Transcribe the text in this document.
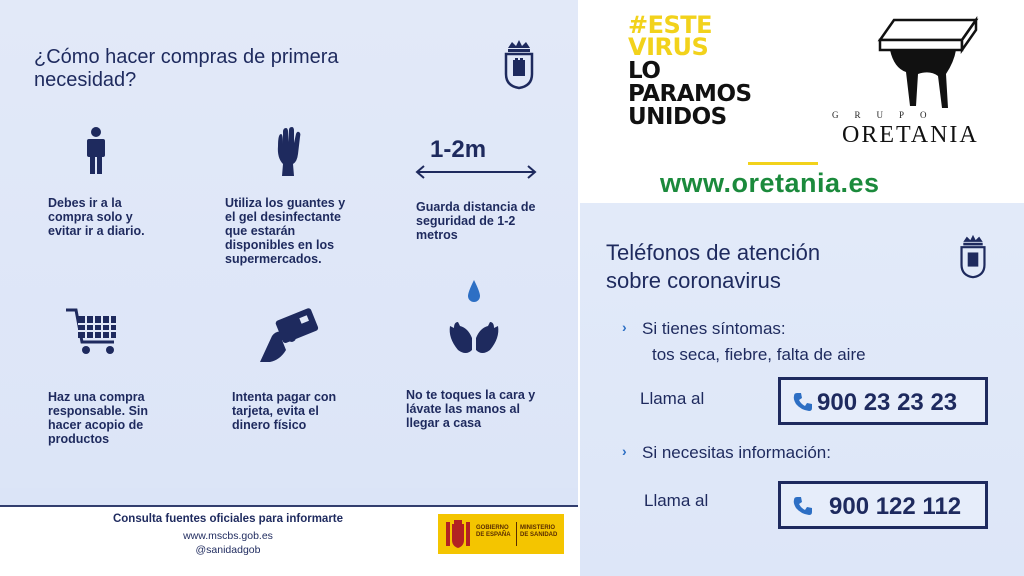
¿Cómo hacer compras de primera necesidad?
Debes ir a la compra solo y evitar ir a diario.
Utiliza los guantes y el gel desinfectante que estarán disponibles en los supermercados.
1-2m
Guarda distancia de seguridad de 1-2 metros
Haz una compra responsable. Sin hacer acopio de productos
Intenta pagar con tarjeta, evita el dinero físico
No te toques la cara y lávate las manos al llegar a casa
Consulta fuentes oficiales para informarte
www.mscbs.gob.es
@sanidadgob
GOBIERNO DE ESPAÑA
MINISTERIO DE SANIDAD
#ESTE
VIRUS
LO
PARAMOS
UNIDOS	GRUPO
ORETANIA
www.oretania.es
Teléfonos de atención
sobre coronavirus
› Si tienes síntomas:
tos seca, fiebre, falta de aire
Llama al	900 23 23 23
› Si necesitas información:
Llama al	900 122 112
